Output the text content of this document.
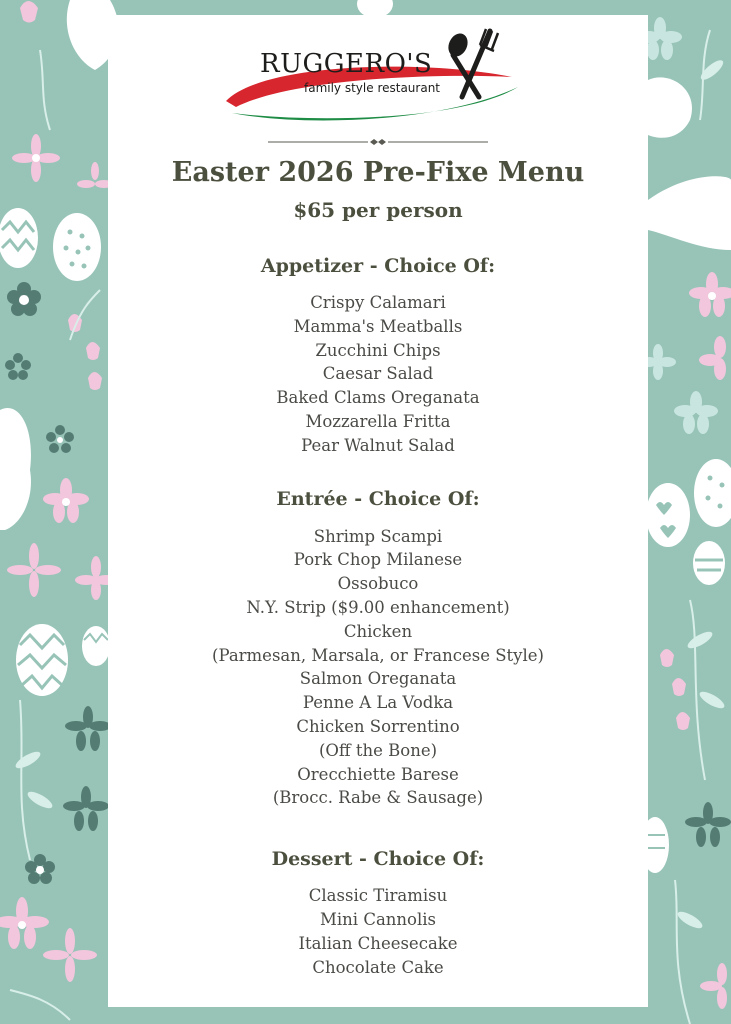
RUGGERO'S
family style restaurant
Easter 2026 Pre-Fixe Menu
$65 per person
Appetizer - Choice Of:
Crispy Calamari
Mamma's Meatballs
Zucchini Chips
Caesar Salad
Baked Clams Oreganata
Mozzarella Fritta
Pear Walnut Salad
Entrée - Choice Of:
Shrimp Scampi
Pork Chop Milanese
Ossobuco
N.Y. Strip ($9.00 enhancement)
Chicken
(Parmesan, Marsala, or Francese Style)
Salmon Oreganata
Penne A La Vodka
Chicken Sorrentino
(Off the Bone)
Orecchiette Barese
(Brocc. Rabe & Sausage)
Dessert - Choice Of:
Classic Tiramisu
Mini Cannolis
Italian Cheesecake
Chocolate Cake
